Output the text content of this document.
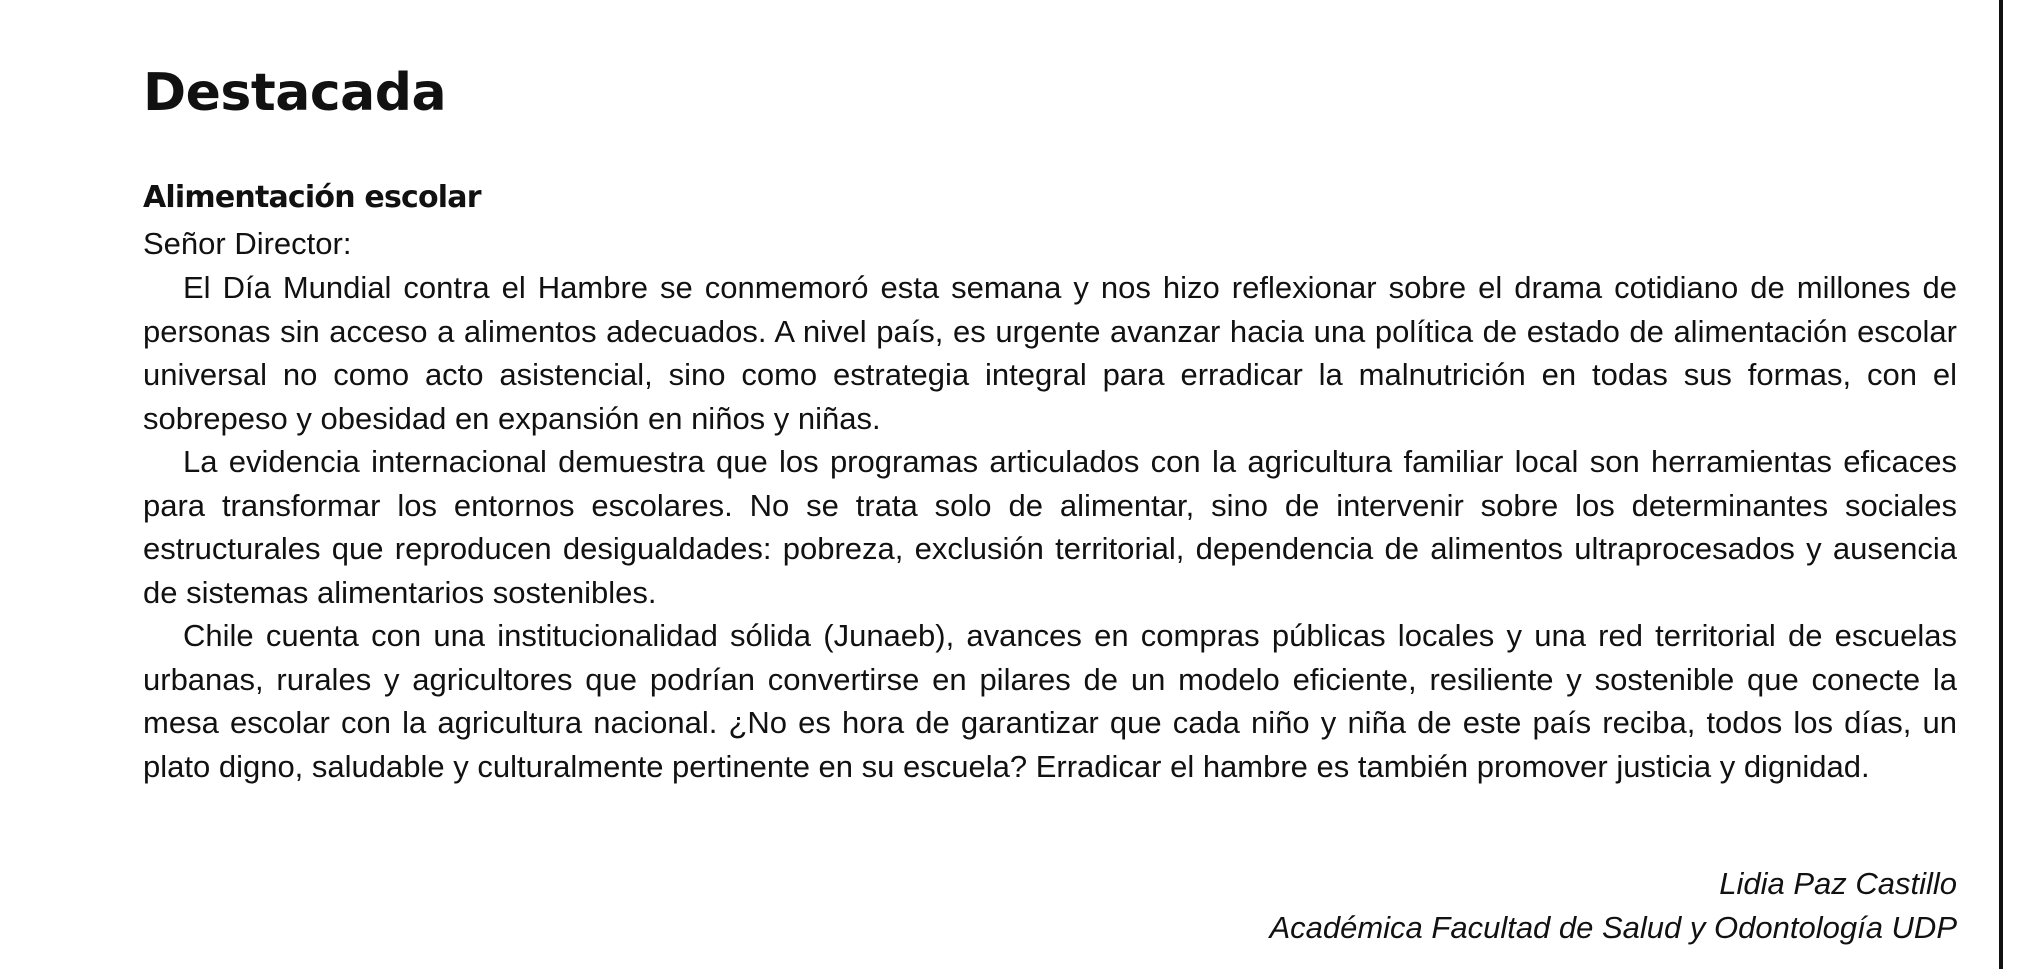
Destacada
Alimentación escolar

Señor Director:

El Día Mundial contra el Hambre se conmemoró esta semana y nos hizo reflexionar sobre el drama cotidiano de millones de personas sin acceso a alimentos adecuados. A nivel país, es urgente avanzar hacia una política de estado de alimentación escolar universal no como acto asistencial, sino como estrategia integral para erradicar la malnutrición en todas sus formas, con el sobrepeso y obesidad en expansión en niños y niñas.

La evidencia internacional demuestra que los programas articulados con la agricultura familiar local son herramientas eficaces para transformar los entornos escolares. No se trata solo de alimentar, sino de intervenir sobre los determinantes sociales estructurales que reproducen desigualdades: pobreza, exclusión territorial, dependencia de alimentos ultraprocesados y ausencia de sistemas alimentarios sostenibles.

Chile cuenta con una institucionalidad sólida (Junaeb), avances en compras públicas locales y una red territorial de escuelas urbanas, rurales y agricultores que podrían convertirse en pilares de un modelo eficiente, resiliente y sostenible que conecte la mesa escolar con la agricultura nacional. ¿No es hora de garantizar que cada niño y niña de este país reciba, todos los días, un plato digno, saludable y culturalmente pertinente en su escuela? Erradicar el hambre es también promover justicia y dignidad.

Lidia Paz Castillo

Académica Facultad de Salud y Odontología UDP
